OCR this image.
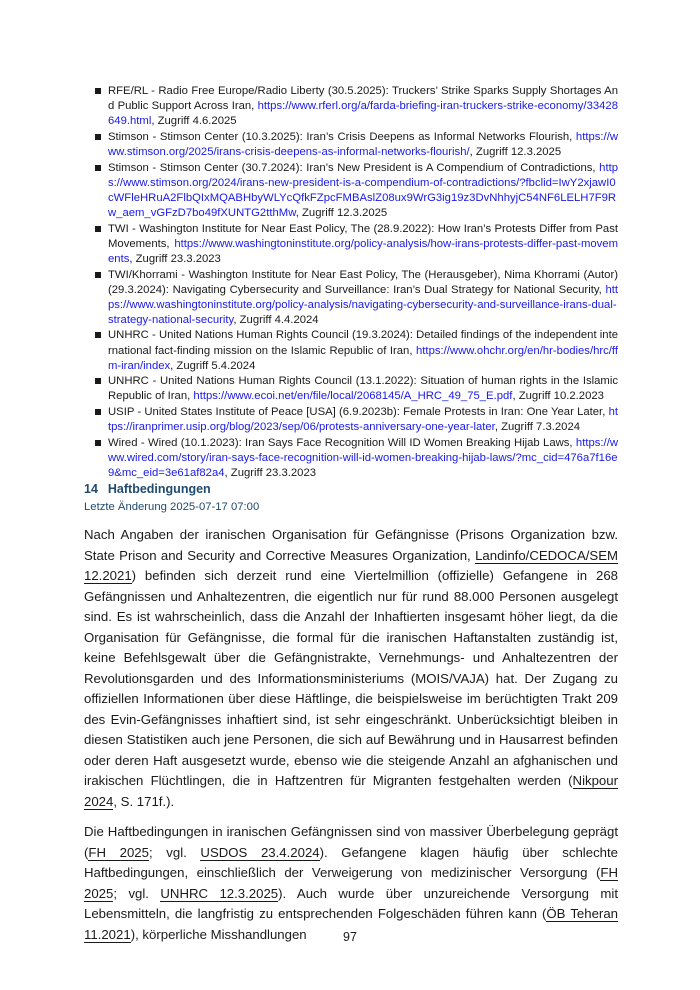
RFE/RL - Radio Free Europe/Radio Liberty (30.5.2025): Truckers’ Strike Sparks Supply Shortages And Public Support Across Iran, https://www.rferl.org/a/farda-briefing-iran-truckers-strike-economy/33428649.html, Zugriff 4.6.2025
Stimson - Stimson Center (10.3.2025): Iran’s Crisis Deepens as Informal Networks Flourish, https://www.stimson.org/2025/irans-crisis-deepens-as-informal-networks-flourish/, Zugriff 12.3.2025
Stimson - Stimson Center (30.7.2024): Iran’s New President is A Compendium of Contradictions, https://www.stimson.org/2024/irans-new-president-is-a-compendium-of-contradictions/?fbclid=IwY2xjawI0cWFleHRuA2FlbQIxMQABHbyWLYcQfkFZpcFMBAslZ08ux9WrG3ig19z3DvNhhyjC54NF6LELH7F9Rw_aem_vGFzD7bo49fXUNTG2tthMw, Zugriff 12.3.2025
TWI - Washington Institute for Near East Policy, The (28.9.2022): How Iran’s Protests Differ from Past Movements, https://www.washingtoninstitute.org/policy-analysis/how-irans-protests-differ-past-movements, Zugriff 23.3.2023
TWI/Khorrami - Washington Institute for Near East Policy, The (Herausgeber), Nima Khorrami (Autor) (29.3.2024): Navigating Cybersecurity and Surveillance: Iran’s Dual Strategy for National Security, https://www.washingtoninstitute.org/policy-analysis/navigating-cybersecurity-and-surveillance-irans-dual-strategy-national-security, Zugriff 4.4.2024
UNHRC - United Nations Human Rights Council (19.3.2024): Detailed findings of the independent international fact-finding mission on the Islamic Republic of Iran, https://www.ohchr.org/en/hr-bodies/hrc/ffm-iran/index, Zugriff 5.4.2024
UNHRC - United Nations Human Rights Council (13.1.2022): Situation of human rights in the Islamic Republic of Iran, https://www.ecoi.net/en/file/local/2068145/A_HRC_49_75_E.pdf, Zugriff 10.2.2023
USIP - United States Institute of Peace [USA] (6.9.2023b): Female Protests in Iran: One Year Later, https://iranprimer.usip.org/blog/2023/sep/06/protests-anniversary-one-year-later, Zugriff 7.3.2024
Wired - Wired (10.1.2023): Iran Says Face Recognition Will ID Women Breaking Hijab Laws, https://www.wired.com/story/iran-says-face-recognition-will-id-women-breaking-hijab-laws/?mc_cid=476a7f16e9&mc_eid=3e61af82a4, Zugriff 23.3.2023
14 Haftbedingungen
Letzte Änderung 2025-07-17 07:00

Nach Angaben der iranischen Organisation für Gefängnisse (Prisons Organization bzw. State Prison and Security and Corrective Measures Organization, Landinfo/CEDOCA/SEM 12.2021) befinden sich derzeit rund eine Viertelmillion (offizielle) Gefangene in 268 Gefängnissen und Anhaltezentren, die eigentlich nur für rund 88.000 Personen ausgelegt sind. Es ist wahrscheinlich, dass die Anzahl der Inhaftierten insgesamt höher liegt, da die Organisation für Gefängnisse, die formal für die iranischen Haftanstalten zuständig ist, keine Befehlsgewalt über die Gefängnistrakte, Vernehmungs- und Anhaltezentren der Revolutionsgarden und des Informationsministeriums (MOIS/VAJA) hat. Der Zugang zu offiziellen Informationen über diese Häftlinge, die beispielsweise im berüchtigten Trakt 209 des Evin-Gefängnisses inhaftiert sind, ist sehr eingeschränkt. Unberücksichtigt bleiben in diesen Statistiken auch jene Personen, die sich auf Bewährung und in Hausarrest befinden oder deren Haft ausgesetzt wurde, ebenso wie die steigende Anzahl an afghanischen und irakischen Flüchtlingen, die in Haftzentren für Migranten festgehalten werden (Nikpour 2024, S. 171f.).

Die Haftbedingungen in iranischen Gefängnissen sind von massiver Überbelegung geprägt (FH 2025; vgl. USDOS 23.4.2024). Gefangene klagen häufig über schlechte Haftbedingungen, einschließlich der Verweigerung von medizinischer Versorgung (FH 2025; vgl. UNHRC 12.3.2025). Auch wurde über unzureichende Versorgung mit Lebensmitteln, die langfristig zu entsprechenden Folgeschäden führen kann (ÖB Teheran 11.2021), körperliche Misshandlungen	97
